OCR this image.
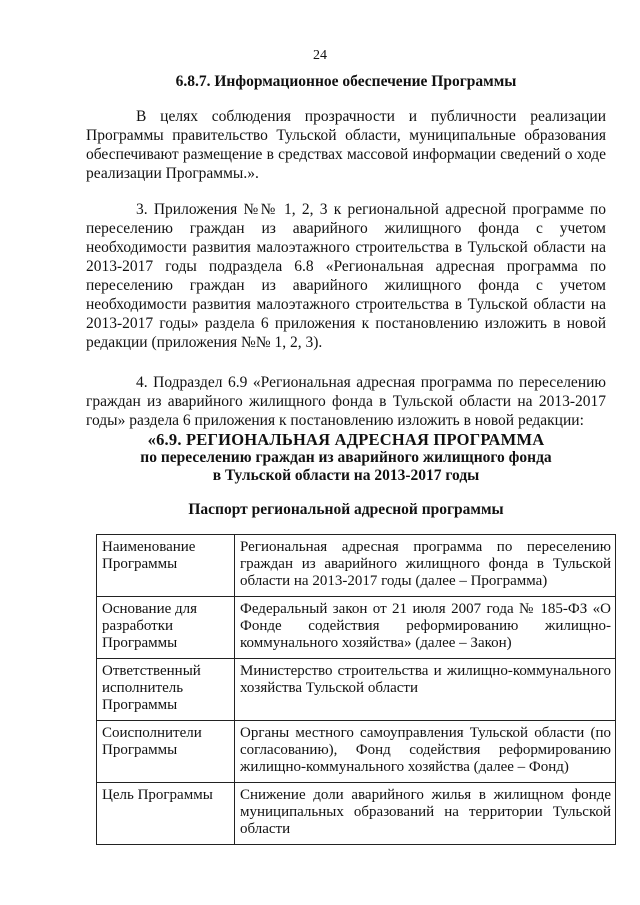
24
6.8.7. Информационное обеспечение Программы
В целях соблюдения прозрачности и публичности реализации Программы правительство Тульской области, муниципальные образования обеспечивают размещение в средствах массовой информации сведений о ходе реализации Программы.».
3. Приложения №№ 1, 2, 3 к региональной адресной программе по переселению граждан из аварийного жилищного фонда с учетом необходимости развития малоэтажного строительства в Тульской области на 2013-2017 годы подраздела 6.8 «Региональная адресная программа по переселению граждан из аварийного жилищного фонда с учетом необходимости развития малоэтажного строительства в Тульской области на 2013-2017 годы» раздела 6 приложения к постановлению изложить в новой редакции (приложения №№ 1, 2, 3).
4. Подраздел 6.9 «Региональная адресная программа по переселению граждан из аварийного жилищного фонда в Тульской области на 2013-2017 годы» раздела 6 приложения к постановлению изложить в новой редакции:
«6.9. РЕГИОНАЛЬНАЯ АДРЕСНАЯ ПРОГРАММА
по переселению граждан из аварийного жилищного фонда
в Тульской области на 2013-2017 годы
Паспорт региональной адресной программы
Наименование Программы	Региональная адресная программа по переселению граждан из аварийного жилищного фонда в Тульской области на 2013-2017 годы (далее – Программа)
Основание для разработки Программы	Федеральный закон от 21 июля 2007 года № 185-ФЗ «О Фонде содействия реформированию жилищно-коммунального хозяйства» (далее – Закон)
Ответственный исполнитель Программы	Министерство строительства и жилищно-коммунального хозяйства Тульской области
Соисполнители Программы	Органы местного самоуправления Тульской области (по согласованию), Фонд содействия реформированию жилищно-коммунального хозяйства (далее – Фонд)
Цель Программы	Снижение доли аварийного жилья в жилищном фонде муниципальных образований на территории Тульской области
